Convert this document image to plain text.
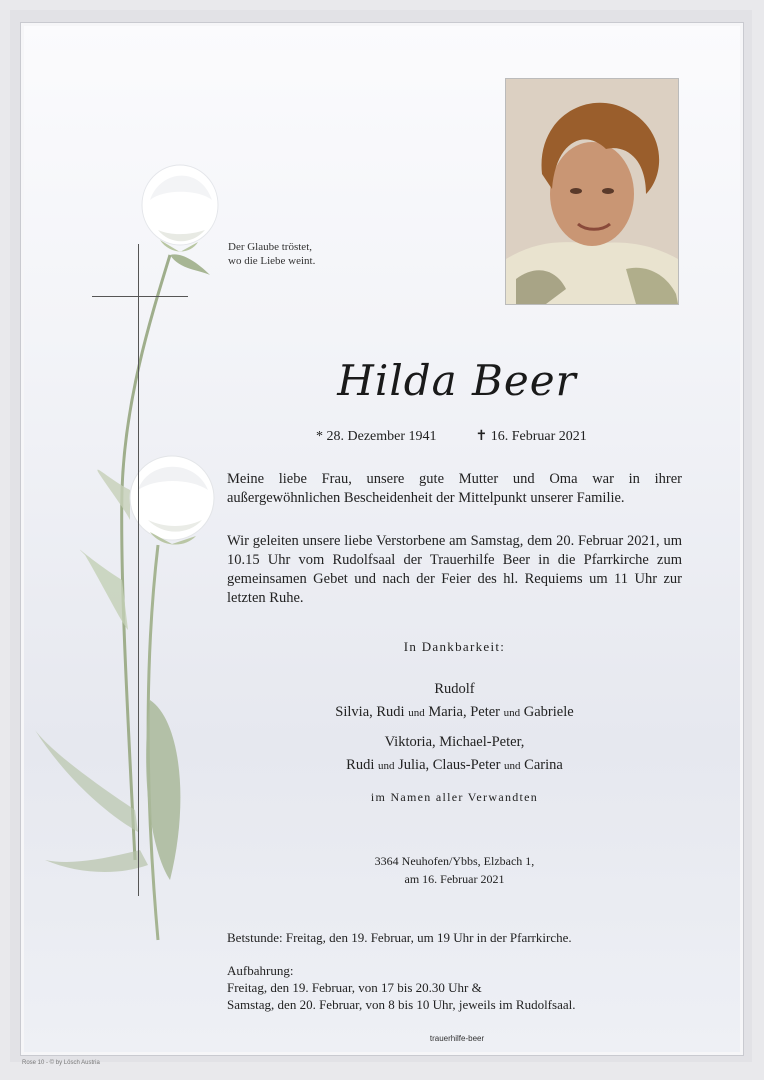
Rose 10 - © by Lösch Austria
Der Glaube tröstet,
wo die Liebe weint.
Hilda Beer
* 28. Dezember 1941	✝ 16. Februar 2021
Meine liebe Frau, unsere gute Mutter und Oma war in ihrer außergewöhnlichen Bescheidenheit der Mittelpunkt unserer Familie.
Wir geleiten unsere liebe Verstorbene am Samstag, dem 20. Februar 2021, um 10.15 Uhr vom Rudolfsaal der Trauerhilfe Beer in die Pfarrkirche zum gemeinsamen Gebet und nach der Feier des hl. Requiems um 11 Uhr zur letzten Ruhe.
In Dankbarkeit:
Rudolf
Silvia, Rudi und Maria, Peter und Gabriele
Viktoria, Michael-Peter,
Rudi und Julia, Claus-Peter und Carina
im Namen aller Verwandten
3364 Neuhofen/Ybbs, Elzbach 1,
am 16. Februar 2021
Betstunde: Freitag, den 19. Februar, um 19 Uhr in der Pfarrkirche.
Aufbahrung:
Freitag, den 19. Februar, von 17 bis 20.30 Uhr &
Samstag, den 20. Februar, von 8 bis 10 Uhr, jeweils im Rudolfsaal.
trauerhilfe-beer
